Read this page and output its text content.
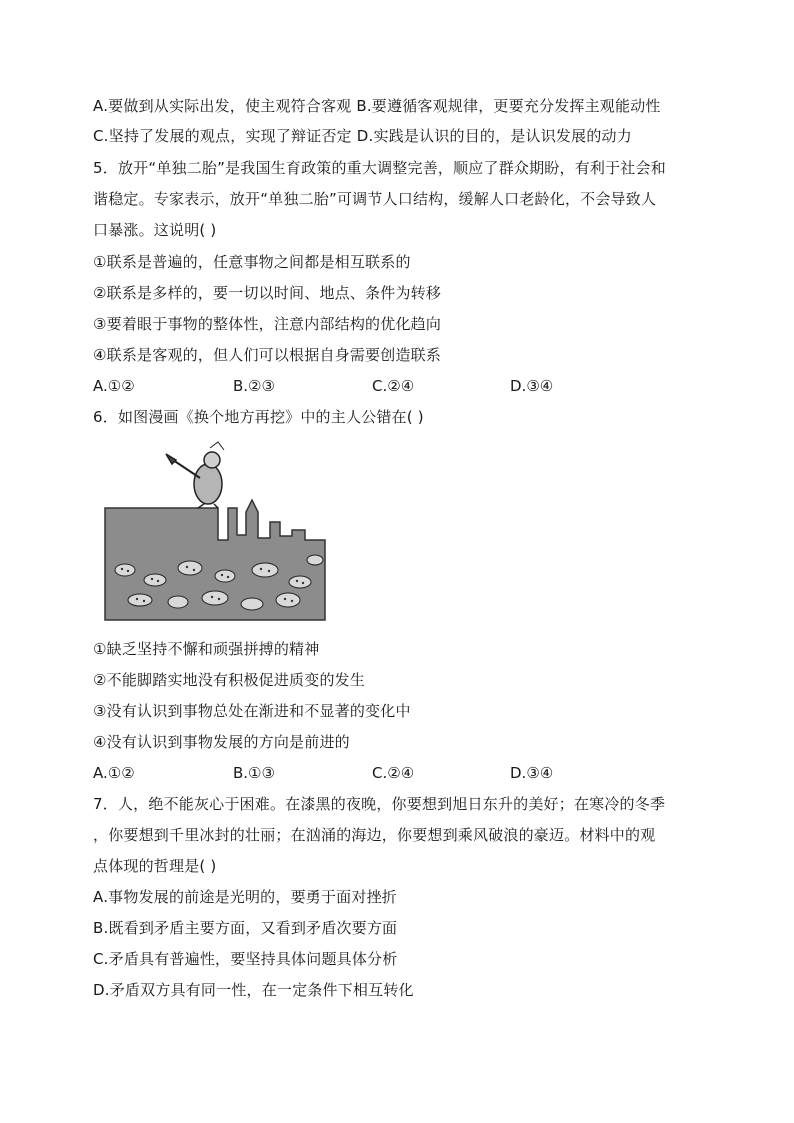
A.要做到从实际出发，使主观符合客观 B.要遵循客观规律，更要充分发挥主观能动性
C.坚持了发展的观点，实现了辩证否定 D.实践是认识的目的，是认识发展的动力
5．放开“单独二胎”是我国生育政策的重大调整完善，顺应了群众期盼，有利于社会和
谐稳定。专家表示，放开“单独二胎”可调节人口结构，缓解人口老龄化，不会导致人
口暴涨。这说明( )
①联系是普遍的，任意事物之间都是相互联系的
②联系是多样的，要一切以时间、地点、条件为转移
③要着眼于事物的整体性，注意内部结构的优化趋向
④联系是客观的，但人们可以根据自身需要创造联系
A.①②	B.②③	C.②④	D.③④
6．如图漫画《换个地方再挖》中的主人公错在( )
①缺乏坚持不懈和顽强拼搏的精神
②不能脚踏实地没有积极促进质变的发生
③没有认识到事物总处在渐进和不显著的变化中
④没有认识到事物发展的方向是前进的
A.①②	B.①③	C.②④	D.③④
7．人，绝不能灰心于困难。在漆黑的夜晚，你要想到旭日东升的美好；在寒冷的冬季
，你要想到千里冰封的壮丽；在汹涌的海边，你要想到乘风破浪的豪迈。材料中的观
点体现的哲理是( )
A.事物发展的前途是光明的，要勇于面对挫折
B.既看到矛盾主要方面，又看到矛盾次要方面
C.矛盾具有普遍性，要坚持具体问题具体分析
D.矛盾双方具有同一性，在一定条件下相互转化
